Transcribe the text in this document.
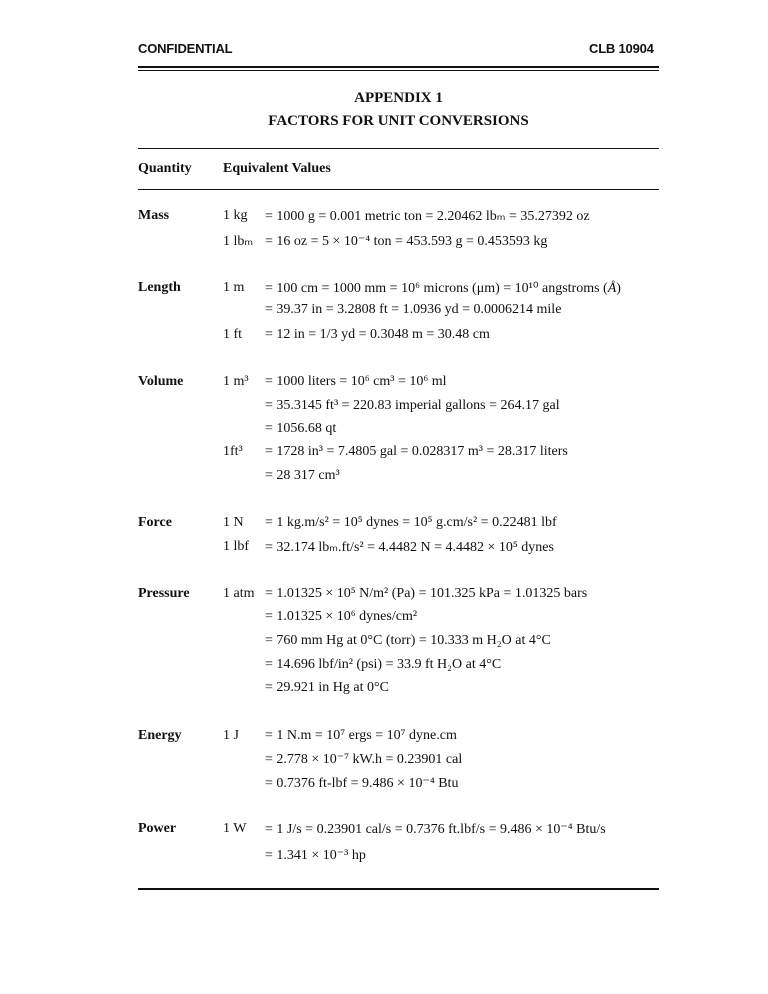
CONFIDENTIAL	CLB 10904
APPENDIX 1
FACTORS FOR UNIT CONVERSIONS
Quantity Equivalent Values
Mass	1 kg = 1000 g = 0.001 metric ton = 2.20462 lbₘ = 35.27392 oz
1 lbₘ = 16 oz = 5 × 10⁻⁴ ton = 453.593 g = 0.453593 kg
Length	1 m = 100 cm = 1000 mm = 10⁶ microns (μm) = 10¹⁰ angstroms (Å)
= 39.37 in = 3.2808 ft = 1.0936 yd = 0.0006214 mile
1 ft = 12 in = 1/3 yd = 0.3048 m = 30.48 cm
Volume	1 m³ = 1000 liters = 10⁶ cm³ = 10⁶ ml
= 35.3145 ft³ = 220.83 imperial gallons = 264.17 gal
= 1056.68 qt
1ft³ = 1728 in³ = 7.4805 gal = 0.028317 m³ = 28.317 liters
= 28 317 cm³
Force	1 N = 1 kg.m/s² = 10⁵ dynes = 10⁵ g.cm/s² = 0.22481 lbf
1 lbf = 32.174 lbₘ.ft/s² = 4.4482 N = 4.4482 × 10⁵ dynes
Pressure 1 atm = 1.01325 × 10⁵ N/m² (Pa) = 101.325 kPa = 1.01325 bars
= 1.01325 × 10⁶ dynes/cm²
= 760 mm Hg at 0°C (torr) = 10.333 m H₂O at 4°C
= 14.696 lbf/in² (psi) = 33.9 ft H₂O at 4°C
= 29.921 in Hg at 0°C
Energy	1 J = 1 N.m = 10⁷ ergs = 10⁷ dyne.cm
= 2.778 × 10⁻⁷ kW.h = 0.23901 cal
= 0.7376 ft-lbf = 9.486 × 10⁻⁴ Btu
Power	1 W = 1 J/s = 0.23901 cal/s = 0.7376 ft.lbf/s = 9.486 × 10⁻⁴ Btu/s
= 1.341 × 10⁻³ hp
